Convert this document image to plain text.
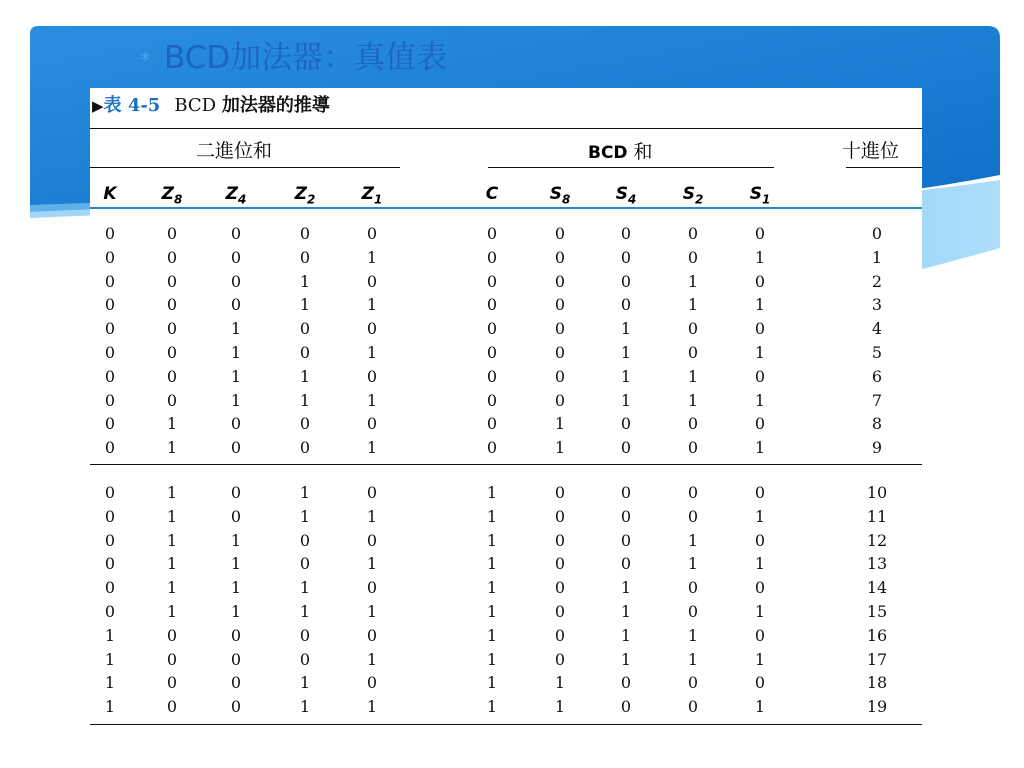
* BCD加法器：真值表
▶表 4-5 BCD 加法器的推導
二進位和	BCD 和	十進位
K	$Z_8$	$Z_4$	$Z_2$	$Z_1$	C	$S_8$	$S_4$	$S_2$	$S_1$
0	0	0	0	0	0	0	0	0	0	0
0	0	0	0	1	0	0	0	0	1	1
0	0	0	1	0	0	0	0	1	0	2
0	0	0	1	1	0	0	0	1	1	3
0	0	1	0	0	0	0	1	0	0	4
0	0	1	0	1	0	0	1	0	1	5
0	0	1	1	0	0	0	1	1	0	6
0	0	1	1	1	0	0	1	1	1	7
0	1	0	0	0	0	1	0	0	0	8
0	1	0	0	1	0	1	0	0	1	9
0	1	0	1	0	1	0	0	0	0	10
0	1	0	1	1	1	0	0	0	1	11
0	1	1	0	0	1	0	0	1	0	12
0	1	1	0	1	1	0	0	1	1	13
0	1	1	1	0	1	0	1	0	0	14
0	1	1	1	1	1	0	1	0	1	15
1	0	0	0	0	1	0	1	1	0	16
1	0	0	0	1	1	0	1	1	1	17
1	0	0	1	0	1	1	0	0	0	18
1	0	0	1	1	1	1	0	0	1	19
